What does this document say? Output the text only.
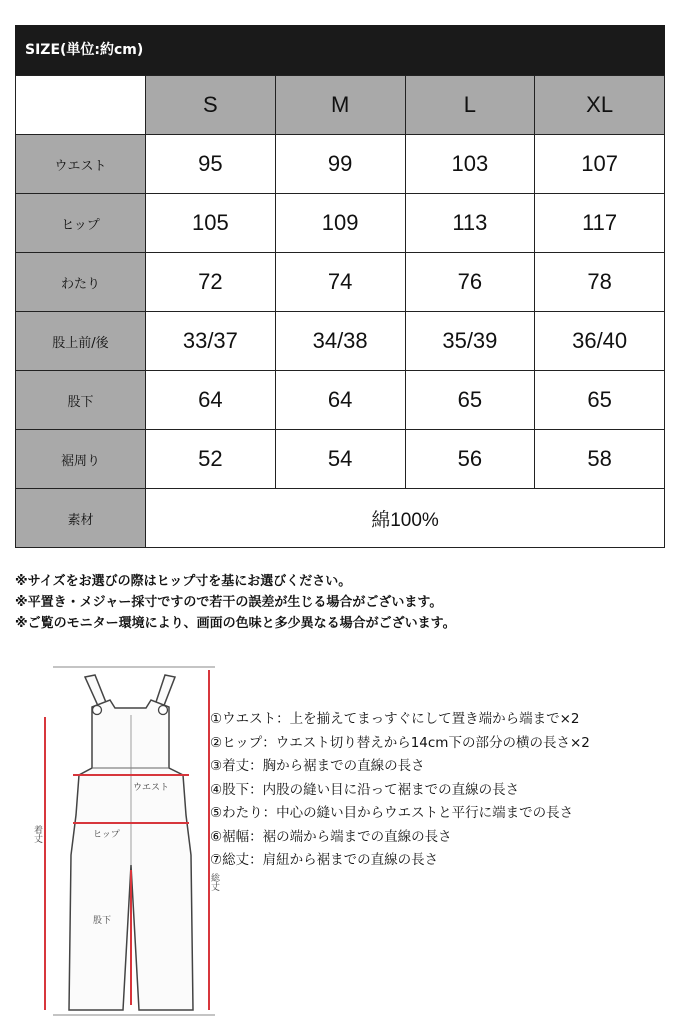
SIZE(単位:約cm)
	S	M	L	XL
ウエスト	95	99	103	107
ヒップ	105	109	113	117
わたり	72	74	76	78
股上前/後	33/37	34/38	35/39	36/40
股下	64	64	65	65
裾周り	52	54	56	58
素材	綿100%			
※サイズをお選びの際はヒップ寸を基にお選びください。
※平置き・メジャー採寸ですので若干の誤差が生じる場合がございます。
※ご覧のモニター環境により、画面の色味と多少異なる場合がございます。
ウエスト
ヒップ
股下
着丈
総丈
①ウエスト：上を揃えてまっすぐにして置き端から端まで×2
②ヒップ：ウエスト切り替えから14cm下の部分の横の長さ×2
③着丈：胸から裾までの直線の長さ
④股下：内股の縫い目に沿って裾までの直線の長さ
⑤わたり：中心の縫い目からウエストと平行に端までの長さ
⑥裾幅：裾の端から端までの直線の長さ
⑦総丈：肩紐から裾までの直線の長さ
